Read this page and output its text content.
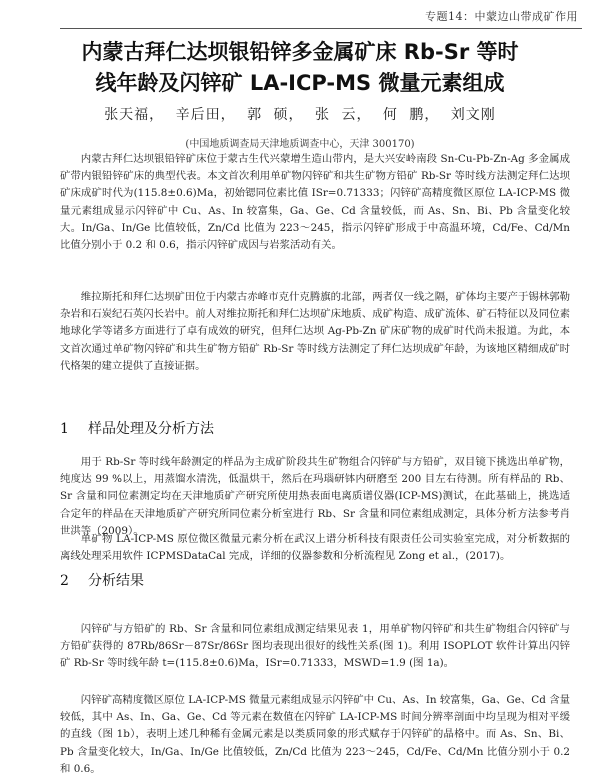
专题14：中蒙边山带成矿作用
内蒙古拜仁达坝银铅锌多金属矿床 Rb-Sr 等时
线年龄及闪锌矿 LA-ICP-MS 微量元素组成
张天福， 辛后田， 郭 硕， 张 云， 何 鹏， 刘文刚
(中国地质调查局天津地质调查中心，天津 300170)

内蒙古拜仁达坝银铅锌矿床位于蒙古生代兴蒙增生造山带内，是大兴安岭南段 Sn-Cu-Pb-Zn-Ag 多金属成矿带内银铅锌矿床的典型代表。本文首次利用单矿物闪锌矿和共生矿物方铅矿 Rb-Sr 等时线方法测定拜仁达坝矿床成矿时代为(115.8±0.6)Ma，初始锶同位素比值 ISr=0.71333；闪锌矿高精度微区原位 LA-ICP-MS 微量元素组成显示闪锌矿中 Cu、As、In 较富集，Ga、Ge、Cd 含量较低，而 As、Sn、Bi、Pb 含量变化较大。In/Ga、In/Ge 比值较低，Zn/Cd 比值为 223～245，指示闪锌矿形成于中高温环境，Cd/Fe、Cd/Mn 比值分别小于 0.2 和 0.6，指示闪锌矿成因与岩浆活动有关。

维拉斯托和拜仁达坝矿田位于内蒙古赤峰市克什克腾旗的北部，两者仅一线之隔，矿体均主要产于锡林郭勒杂岩和石炭纪石英闪长岩中。前人对维拉斯托和拜仁达坝矿床地质、成矿构造、成矿流体、矿石特征以及同位素地球化学等诸多方面进行了卓有成效的研究，但拜仁达坝 Ag-Pb-Zn 矿床矿物的成矿时代尚未报道。为此，本文首次通过单矿物闪锌矿和共生矿物方铅矿 Rb-Sr 等时线方法测定了拜仁达坝成矿年龄，为该地区精细成矿时代格架的建立提供了直接证据。

1 样品处理及分析方法

用于 Rb-Sr 等时线年龄测定的样品为主成矿阶段共生矿物组合闪锌矿与方铅矿，双目镜下挑选出单矿物，纯度达 99 %以上，用蒸馏水清洗，低温烘干，然后在玛瑙研钵内研磨至 200 目左右待测。所有样品的 Rb、Sr 含量和同位素测定均在天津地质矿产研究所使用热表面电离质谱仪器(ICP-MS)测试，在此基础上，挑选适合定年的样品在天津地质矿产研究所同位素分析室进行 Rb、Sr 含量和同位素组成测定，具体分析方法参考肖世洪等（2009）。

单矿物 LA-ICP-MS 原位微区微量元素分析在武汉上谱分析科技有限责任公司实验室完成，对分析数据的离线处理采用软件 ICPMSDataCal 完成，详细的仪器参数和分析流程见 Zong et al.，(2017)。

2 分析结果

闪锌矿与方铅矿的 Rb、Sr 含量和同位素组成测定结果见表 1，用单矿物闪锌矿和共生矿物组合闪锌矿与方铅矿获得的 87Rb/86Sr－87Sr/86Sr 图均表现出很好的线性关系(图 1)。利用 ISOPLOT 软件计算出闪锌矿 Rb-Sr 等时线年龄 t=(115.8±0.6)Ma，ISr=0.71333，MSWD=1.9 (图 1a)。

闪锌矿高精度微区原位 LA-ICP-MS 微量元素组成显示闪锌矿中 Cu、As、In 较富集，Ga、Ge、Cd 含量较低，其中 As、In、Ga、Ge、Cd 等元素在数值在闪锌矿 LA-ICP-MS 时间分辨率剖面中均呈现为相对平缓的直线（图 1b），表明上述几种稀有金属元素是以类质同象的形式赋存于闪锌矿的晶格中。而 As、Sn、Bi、Pb 含量变化较大，In/Ga、In/Ge 比值较低，Zn/Cd 比值为 223～245，Cd/Fe、Cd/Mn 比值分别小于 0.2 和 0.6。
